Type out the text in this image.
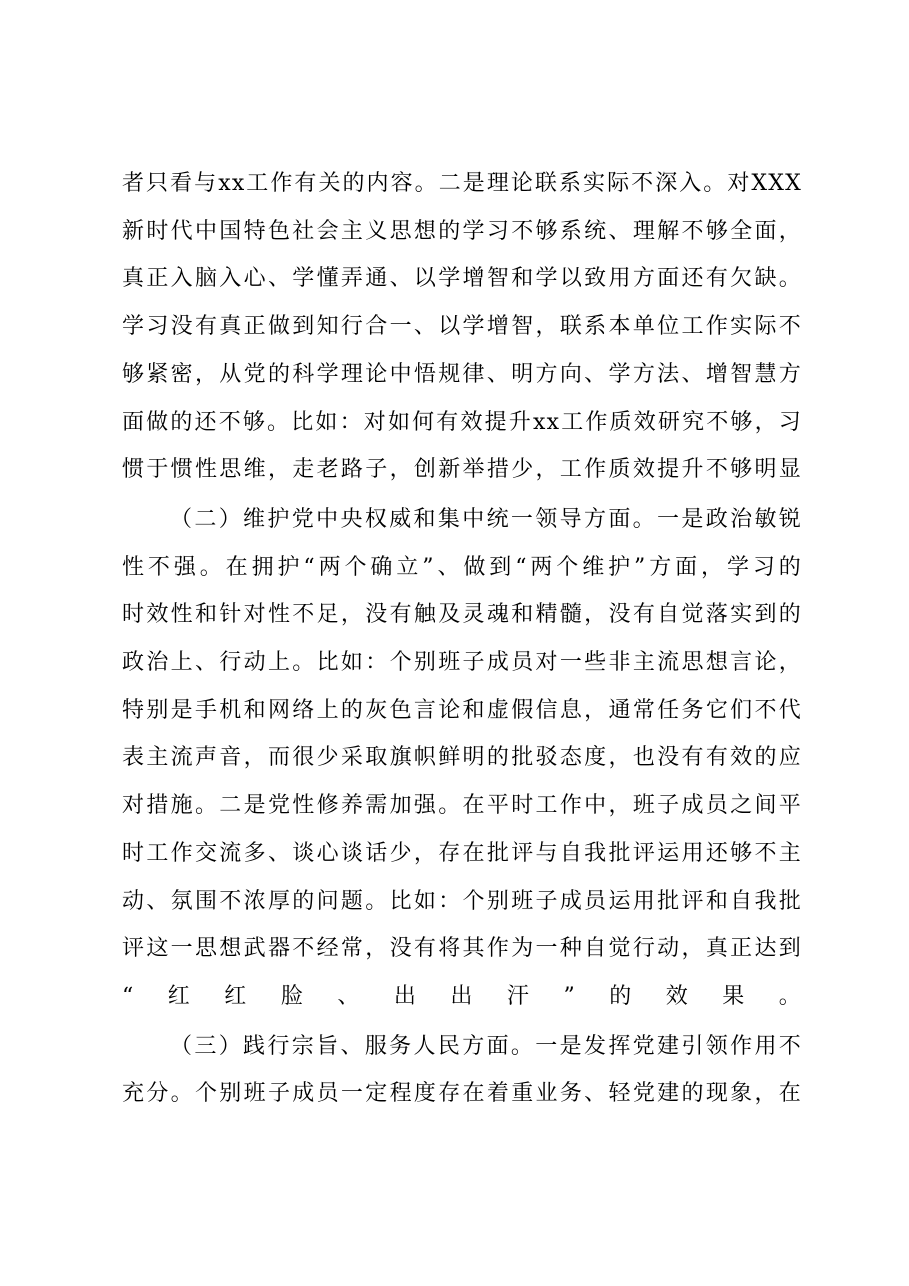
者只看与xx工作有关的内容。二是理论联系实际不深入。对XXX
新时代中国特色社会主义思想的学习不够系统、理解不够全面，
真正入脑入心、学懂弄通、以学增智和学以致用方面还有欠缺。
学习没有真正做到知行合一、以学增智，联系本单位工作实际不
够紧密，从党的科学理论中悟规律、明方向、学方法、增智慧方
面做的还不够。比如：对如何有效提升xx工作质效研究不够，习
惯于惯性思维，走老路子，创新举措少，工作质效提升不够明显
（二）维护党中央权威和集中统一领导方面。一是政治敏锐
性不强。在拥护“两个确立”、做到“两个维护”方面，学习的
时效性和针对性不足，没有触及灵魂和精髓，没有自觉落实到的
政治上、行动上。比如：个别班子成员对一些非主流思想言论，
特别是手机和网络上的灰色言论和虚假信息，通常任务它们不代
表主流声音，而很少采取旗帜鲜明的批驳态度，也没有有效的应
对措施。二是党性修养需加强。在平时工作中，班子成员之间平
时工作交流多、谈心谈话少，存在批评与自我批评运用还够不主
动、氛围不浓厚的问题。比如：个别班子成员运用批评和自我批
评这一思想武器不经常，没有将其作为一种自觉行动，真正达到
“红红脸、出出汗”的效果。
（三）践行宗旨、服务人民方面。一是发挥党建引领作用不
充分。个别班子成员一定程度存在着重业务、轻党建的现象，在
